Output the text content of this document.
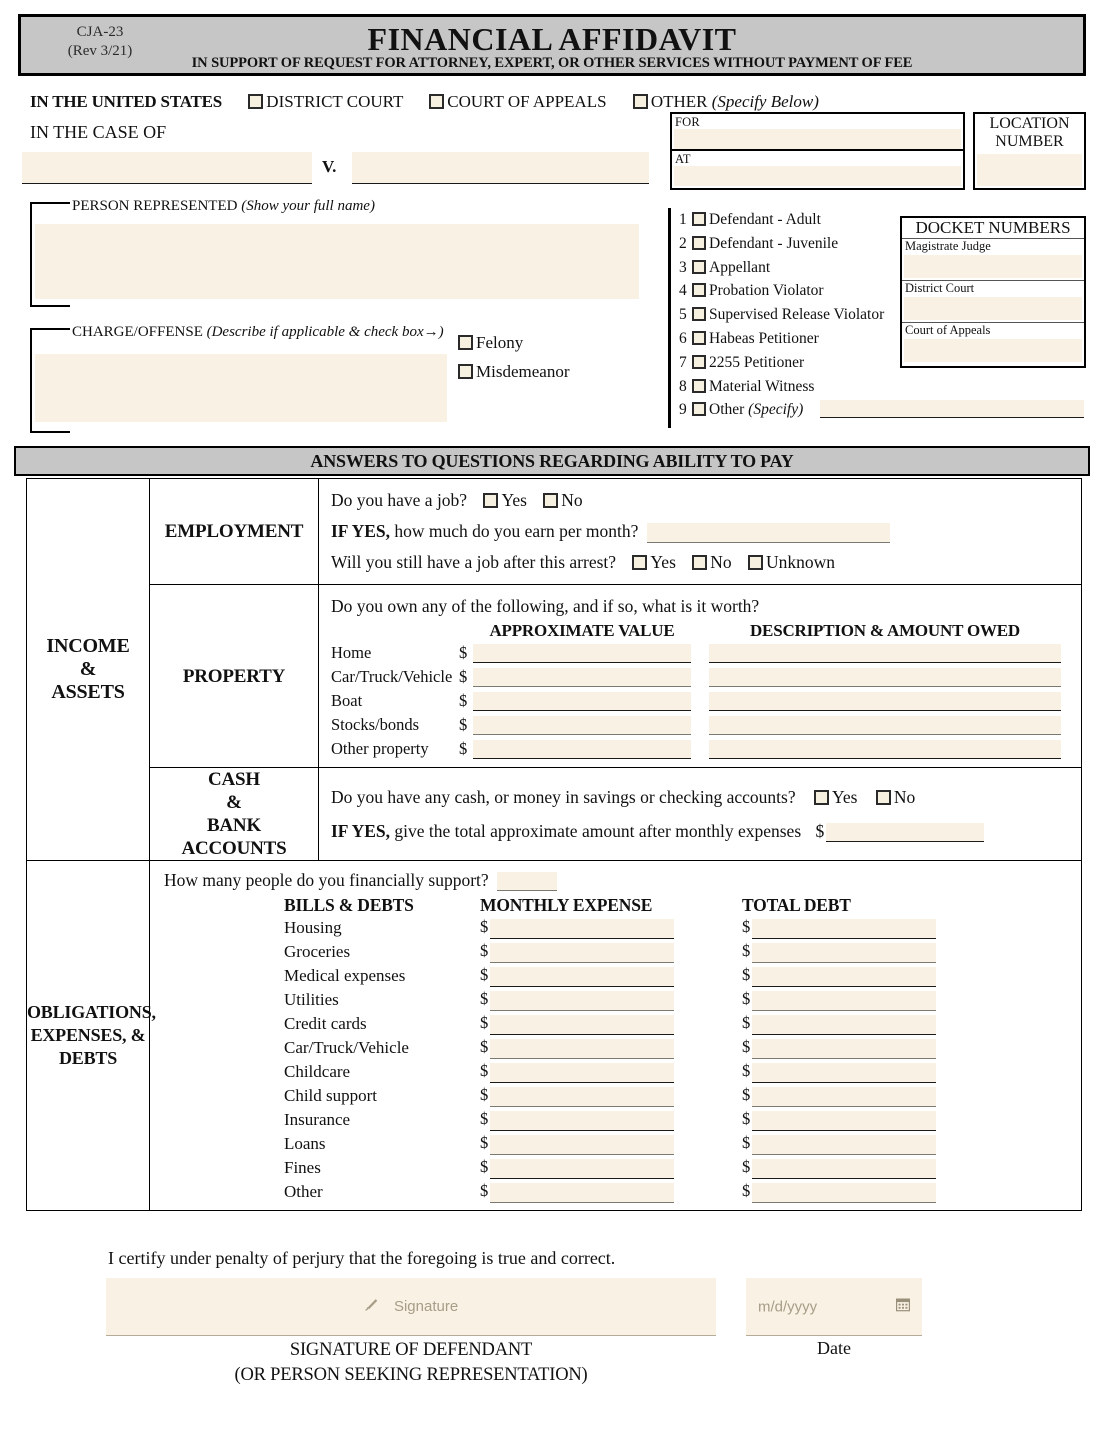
CJA-23
(Rev 3/21)	FINANCIAL AFFIDAVIT
IN SUPPORT OF REQUEST FOR ATTORNEY, EXPERT, OR OTHER SERVICES WITHOUT PAYMENT OF FEE
IN THE UNITED STATES	DISTRICT COURT	COURT OF APPEALS	OTHER (Specify Below)
IN THE CASE OF
V.
FOR
AT
LOCATION
NUMBER
PERSON REPRESENTED (Show your full name)
CHARGE/OFFENSE (Describe if applicable & check box→)
Felony
Misdemeanor
1 Defendant - Adult
2 Defendant - Juvenile
3 Appellant
4 Probation Violator
5 Supervised Release Violator
6 Habeas Petitioner
7 2255 Petitioner
8 Material Witness
9 Other (Specify)
DOCKET NUMBERS
Magistrate Judge
District Court
Court of Appeals
ANSWERS TO QUESTIONS REGARDING ABILITY TO PAY
INCOME
&
ASSETS
	EMPLOYMENT	
Do you have a job? Yes No
IF YES, how much do you earn per month?
Will you still have a job after this arrest? Yes No Unknown

PROPERTY	
Do you own any of the following, and if so, what is it worth?
		APPROXIMATE VALUE		DESCRIPTION & AMOUNT OWED
Home	$			
Car/Truck/Vehicle	$			
Boat	$			
Stocks/bonds	$			
Other property	$			

CASH
&
BANK
ACCOUNTS

Do you have any cash, or money in savings or checking accounts? Yes No
IF YES, give the total approximate amount after monthly expenses $

OBLIGATIONS,
EXPENSES, &
DEBTS

How many people do you financially support?
BILLS & DEBTS	MONTHLY EXPENSE	TOTAL DEBT
Housing	$	$
Groceries	$	$
Medical expenses	$	$
Utilities	$	$
Credit cards	$	$
Car/Truck/Vehicle	$	$
Childcare	$	$
Child support	$	$
Insurance	$	$
Loans	$	$
Fines	$	$
Other	$	$
I certify under penalty of perjury that the foregoing is true and correct.
Signature	m/d/yyyy
SIGNATURE OF DEFENDANT
(OR PERSON SEEKING REPRESENTATION)
Date
